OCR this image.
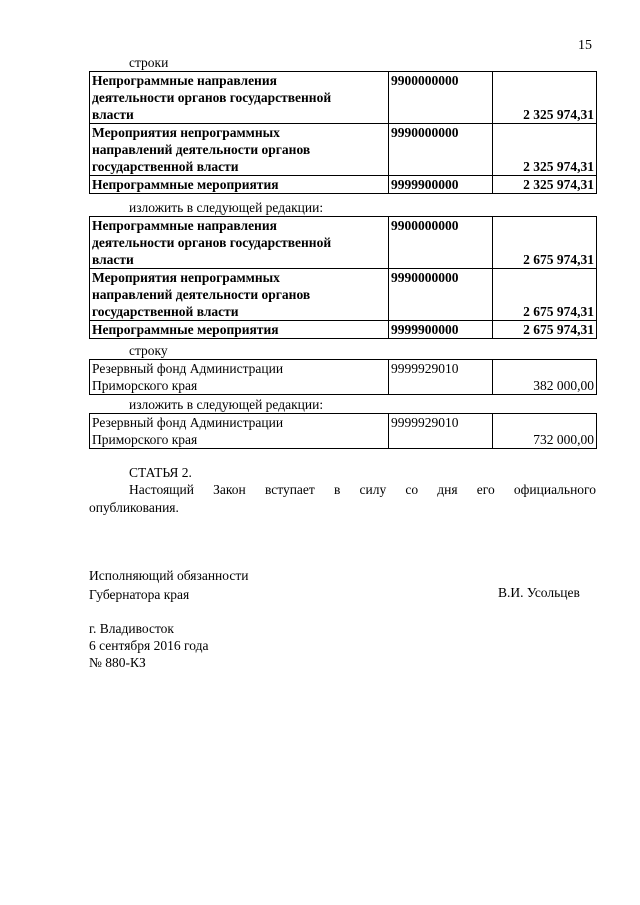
15
строки
Непрограммные направления
деятельности органов государственной
власти	9900000000	2 325 974,31

Мероприятия непрограммных
направлений деятельности органов
государственной власти	9990000000	2 325 974,31

Непрограммные мероприятия	9999900000	2 325 974,31
изложить в следующей редакции:
Непрограммные направления
деятельности органов государственной
власти	9900000000	2 675 974,31

Мероприятия непрограммных
направлений деятельности органов
государственной власти	9990000000	2 675 974,31

Непрограммные мероприятия	9999900000	2 675 974,31
строку
Резервный фонд Администрации
Приморского края
	9999929010	382 000,00
изложить в следующей редакции:
Резервный фонд Администрации
Приморского края
	9999929010	732 000,00
СТАТЬЯ 2.
Настоящий Закон вступает в силу со дня его официального
опубликования.
Исполняющий обязанности
Губернатора края	В.И. Усольцев
г. Владивосток
6 сентября 2016 года
№ 880-КЗ
